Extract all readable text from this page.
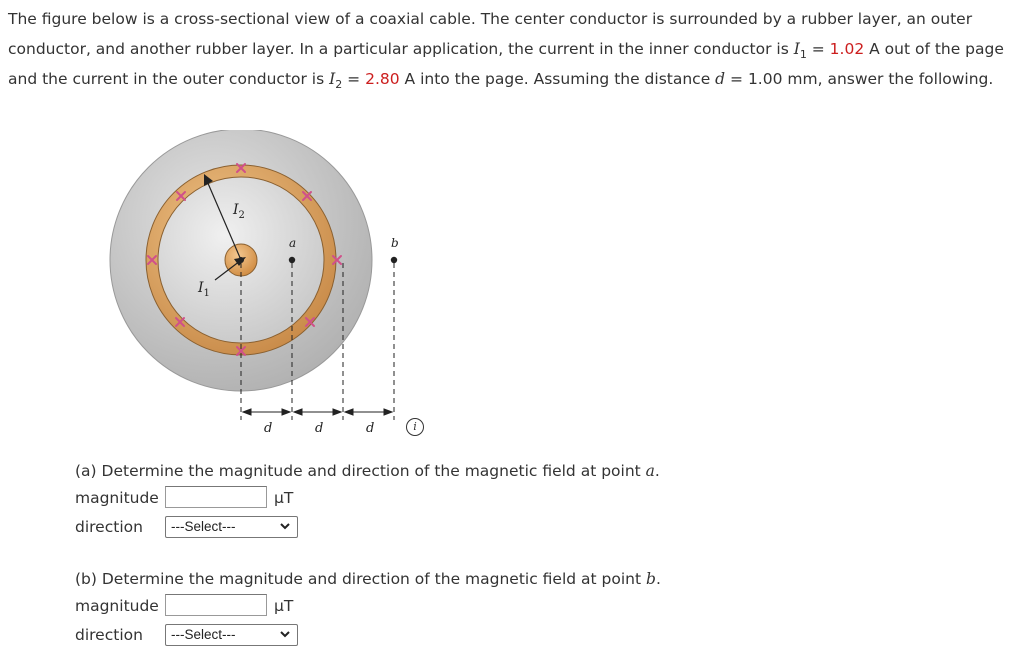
The figure below is a cross-sectional view of a coaxial cable. The center conductor is surrounded by a rubber layer, an outer conductor, and another rubber layer. In a particular application, the current in the inner conductor is $I_1 = 1.02$ A out of the page and the current in the outer conductor is $I_2 = 2.80$ A into the page. Assuming the distance d = 1.00 mm, answer the following.
$I_2$
$I_1$
a	b
d	d	d	i
(a) Determine the magnitude and direction of the magnetic field at point a.
magnitude	µT
direction	---Select---
(b) Determine the magnitude and direction of the magnetic field at point b.
magnitude	µT
direction	---Select---
